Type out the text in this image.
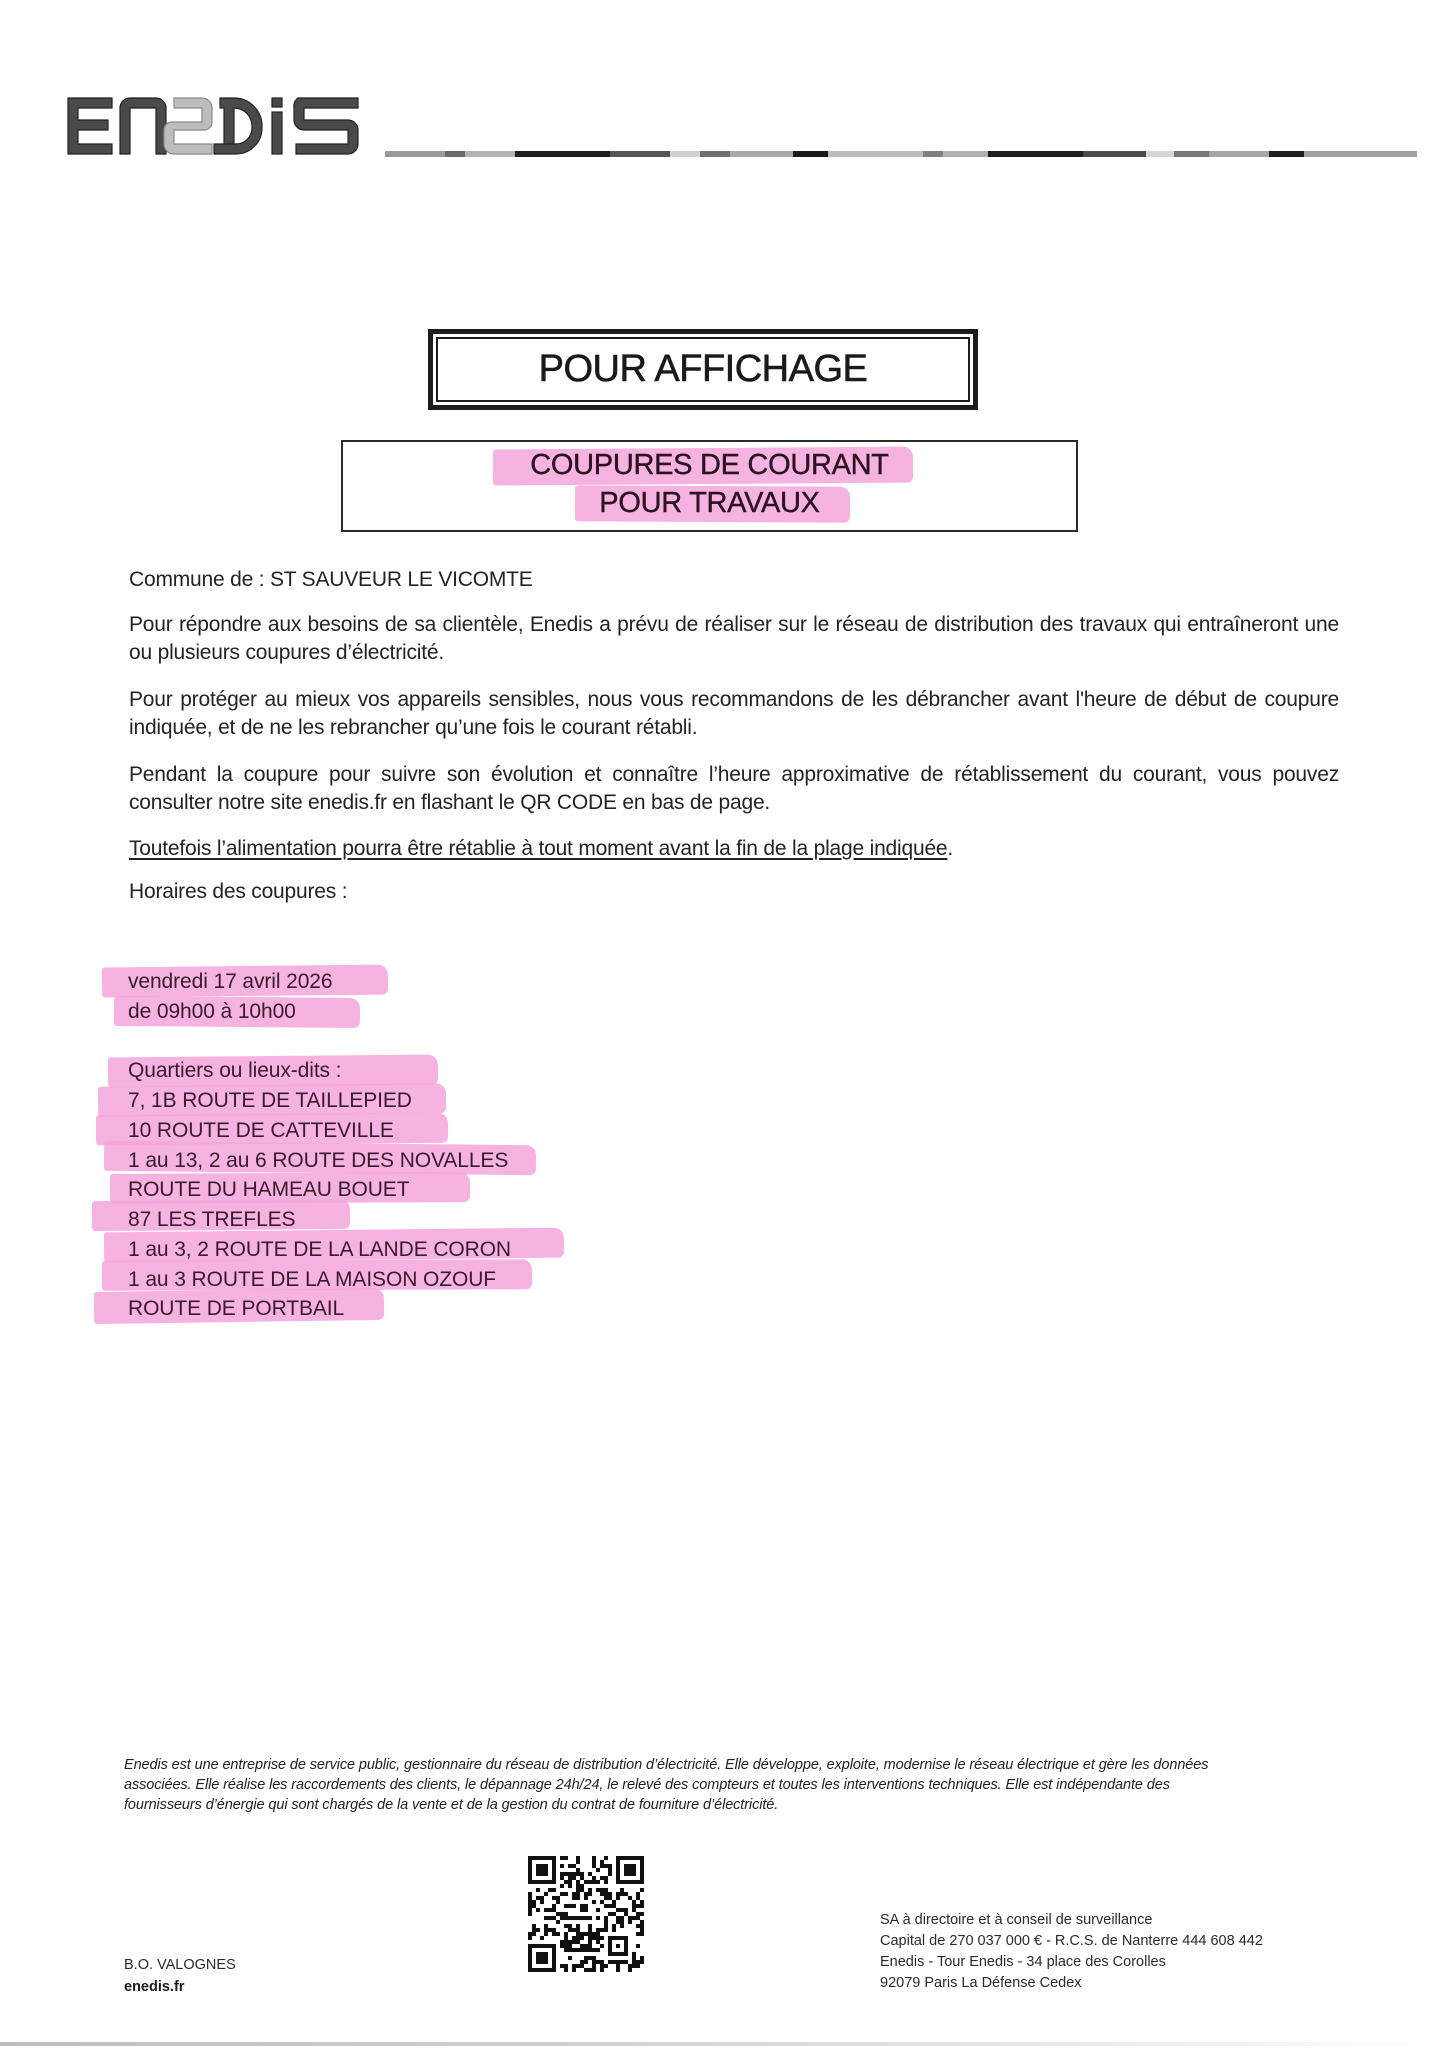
POUR AFFICHAGE
COUPURES DE COURANT
POUR TRAVAUX
Commune de : ST SAUVEUR LE VICOMTE
Pour répondre aux besoins de sa clientèle, Enedis a prévu de réaliser sur le réseau de distribution des travaux qui entraîneront une ou plusieurs coupures d’électricité.
Pour protéger au mieux vos appareils sensibles, nous vous recommandons de les débrancher avant l'heure de début de coupure indiquée, et de ne les rebrancher qu’une fois le courant rétabli.
Pendant la coupure pour suivre son évolution et connaître l’heure approximative de rétablissement du courant, vous pouvez consulter notre site enedis.fr en flashant le QR CODE en bas de page.
Toutefois l’alimentation pourra être rétablie à tout moment avant la fin de la plage indiquée.
Horaires des coupures :
vendredi 17 avril 2026
de 09h00 à 10h00
Quartiers ou lieux-dits :
7, 1B ROUTE DE TAILLEPIED
10 ROUTE DE CATTEVILLE
1 au 13, 2 au 6 ROUTE DES NOVALLES
ROUTE DU HAMEAU BOUET
87 LES TREFLES
1 au 3, 2 ROUTE DE LA LANDE CORON
1 au 3 ROUTE DE LA MAISON OZOUF
ROUTE DE PORTBAIL
Enedis est une entreprise de service public, gestionnaire du réseau de distribution d’électricité. Elle développe, exploite, modernise le réseau électrique et gère les données
associées. Elle réalise les raccordements des clients, le dépannage 24h/24, le relevé des compteurs et toutes les interventions techniques. Elle est indépendante des
fournisseurs d’énergie qui sont chargés de la vente et de la gestion du contrat de fourniture d’électricité.
B.O. VALOGNES
enedis.fr
SA à directoire et à conseil de surveillance
Capital de 270 037 000 € - R.C.S. de Nanterre 444 608 442
Enedis - Tour Enedis - 34 place des Corolles
92079 Paris La Défense Cedex
